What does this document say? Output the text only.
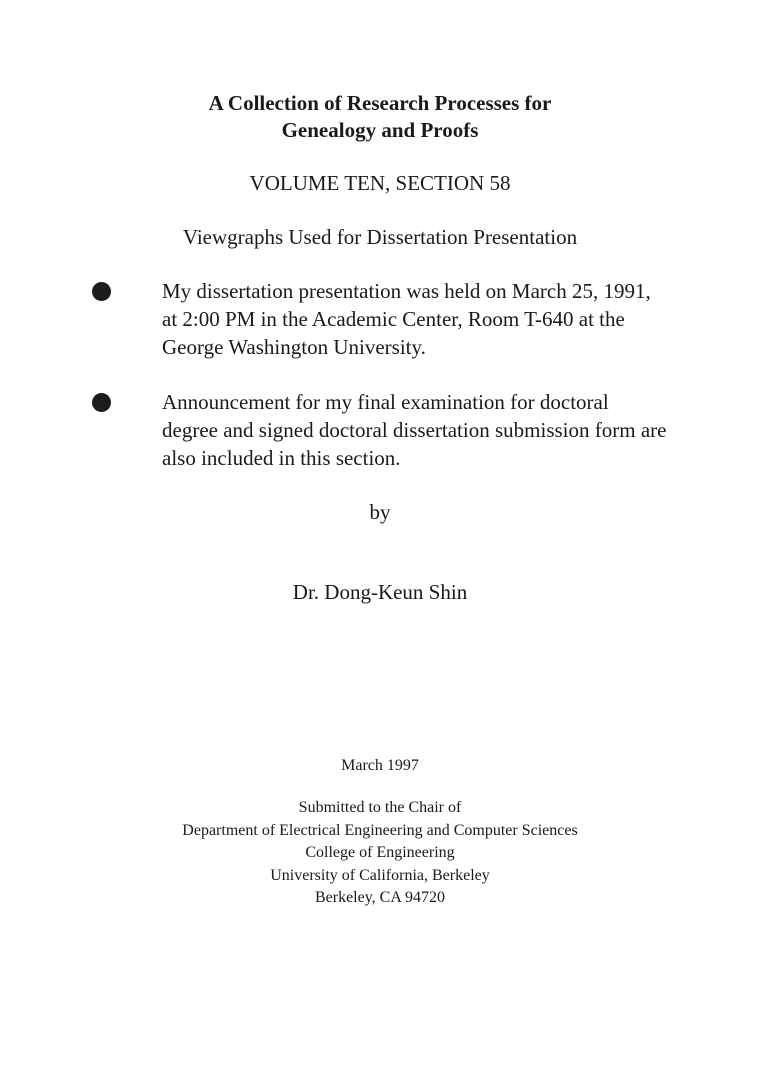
A Collection of Research Processes for
Genealogy and Proofs
VOLUME TEN, SECTION 58
Viewgraphs Used for Dissertation Presentation
My dissertation presentation was held on March 25, 1991,
at 2:00 PM in the Academic Center, Room T-640 at the
George Washington University.
Announcement for my final examination for doctoral
degree and signed doctoral dissertation submission form are
also included in this section.
by
Dr. Dong-Keun Shin
March 1997
Submitted to the Chair of
Department of Electrical Engineering and Computer Sciences
College of Engineering
University of California, Berkeley
Berkeley, CA 94720
